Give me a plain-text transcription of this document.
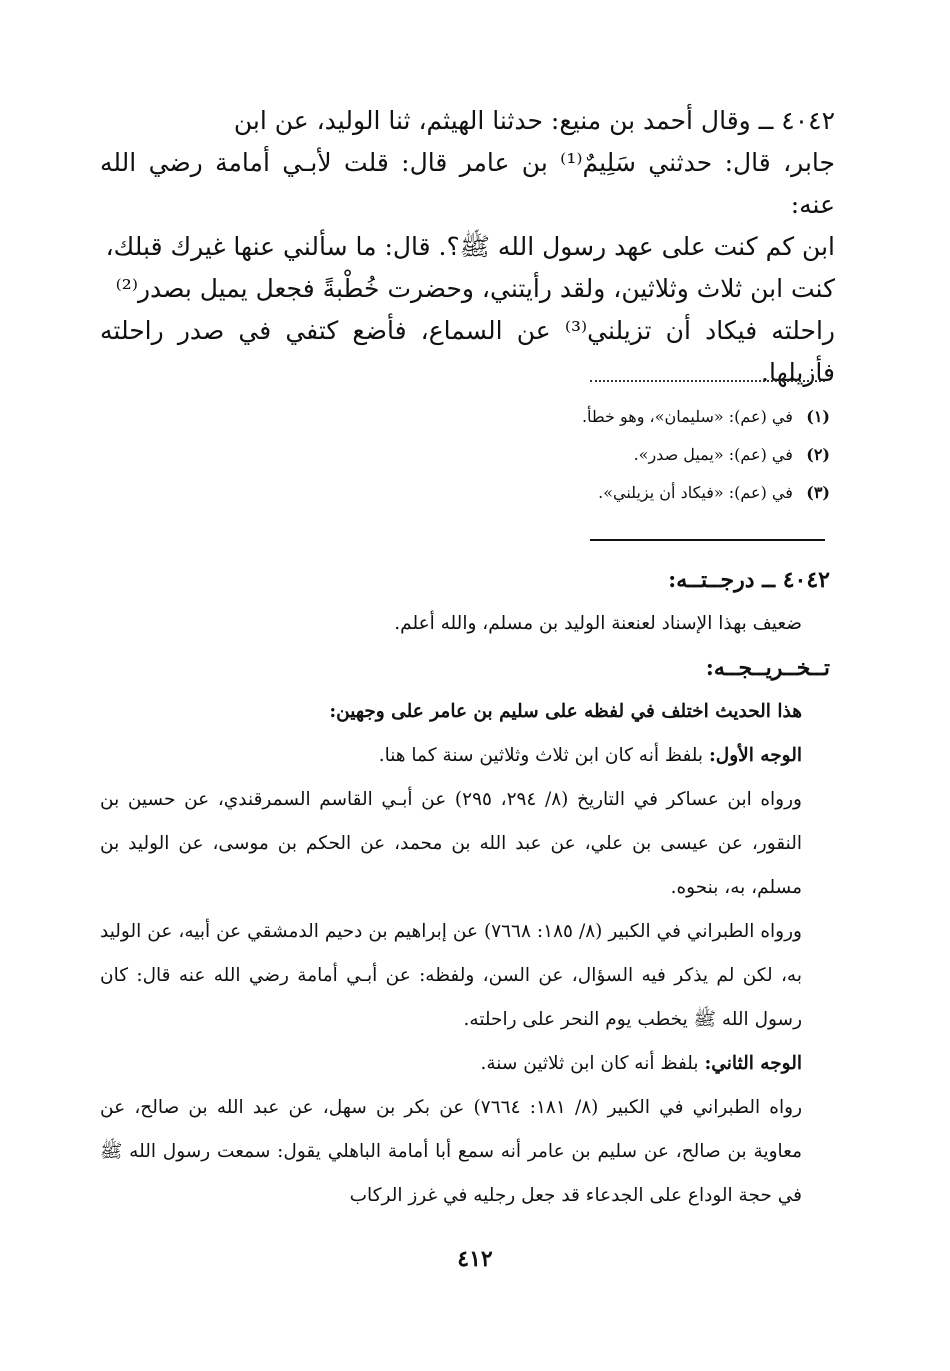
٤٠٤٢ ــ وقال أحمد بن منيع: حدثنا الهيثم، ثنا الوليد، عن ابن

جابر، قال: حدثني سَلِيمٌ⁽¹⁾ بن عامر قال: قلت لأبـي أمامة رضي الله عنه:

ابن كم كنت على عهد رسول الله ﷺ؟. قال: ما سألني عنها غيرك قبلك،

كنت ابن ثلاث وثلاثين، ولقد رأيتني، وحضرت خُطْبةً فجعل يميل بصدر⁽²⁾

راحلته فيكاد أن تزيلني⁽³⁾ عن السماع، فأضع كتفي في صدر راحلته فأزيلها.

(١) في (عم): «سليمان»، وهو خطأ.
(٢) في (عم): «يميل صدر».
(٣) في (عم): «فيكاد أن يزيلني».

٤٠٤٢ ــ درجــتــه:

ضعيف بهذا الإسناد لعنعنة الوليد بن مسلم، والله أعلم.

تــخــريــجــه:

هذا الحديث اختلف في لفظه على سليم بن عامر على وجهين:

الوجه الأول: بلفظ أنه كان ابن ثلاث وثلاثين سنة كما هنا.

ورواه ابن عساكر في التاريخ (٨/ ٢٩٤، ٢٩٥) عن أبـي القاسم السمرقندي، عن حسين بن النقور، عن عيسى بن علي، عن عبد الله بن محمد، عن الحكم بن موسى، عن الوليد بن مسلم، به، بنحوه.

ورواه الطبراني في الكبير (٨/ ١٨٥: ٧٦٦٨) عن إبراهيم بن دحيم الدمشقي عن أبيه، عن الوليد به، لكن لم يذكر فيه السؤال، عن السن، ولفظه: عن أبـي أمامة رضي الله عنه قال: كان رسول الله ﷺ يخطب يوم النحر على راحلته.

الوجه الثاني: بلفظ أنه كان ابن ثلاثين سنة.

رواه الطبراني في الكبير (٨/ ١٨١: ٧٦٦٤) عن بكر بن سهل، عن عبد الله بن صالح، عن معاوية بن صالح، عن سليم بن عامر أنه سمع أبا أمامة الباهلي يقول: سمعت رسول الله ﷺ في حجة الوداع على الجدعاء قد جعل رجليه في غرز الركاب

٤١٢
